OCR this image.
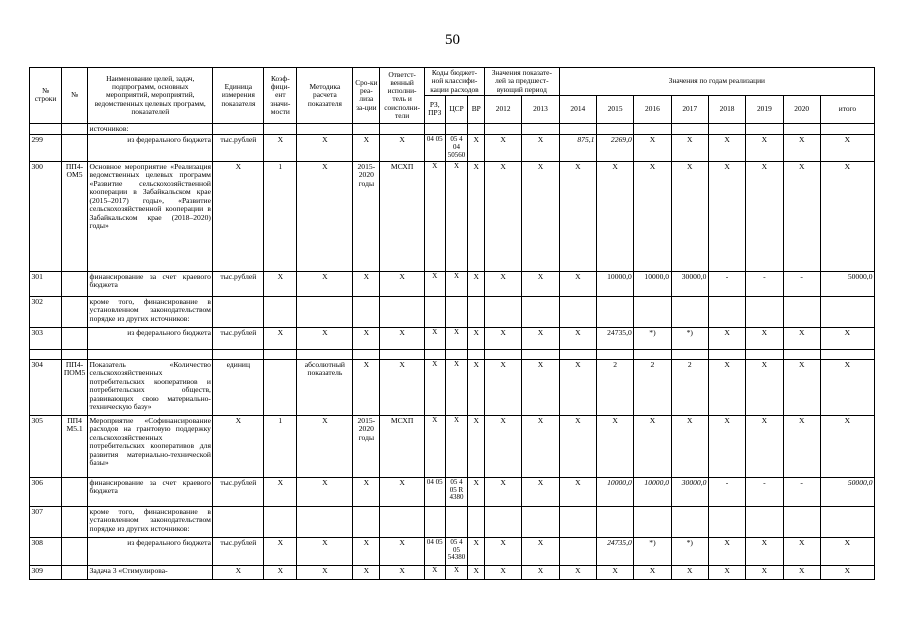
50
№ строки	№	Наименование целей, задач, подпрограмм, основных мероприятий, мероприятий, ведомственных целевых программ, показателей	Единица измерения показателя	Коэф-фици-ент значи-мости	Методика расчета показателя	Сро-ки реа-лиза за-ции	Ответст-венный исполни-тель и соисполни-тели	Коды бюджет-ной классифи-кации расходов			Значения показате-лей за предшест-вующий период		Значения по годам реализации							
								РЗ, ПРЗ	ЦСР	ВР	2012	2013	2014	2015	2016	2017	2018	2019	2020	итого
		источников:																		
299		из федерального бюджета	тыс.рублей	X	X	X	X	04 05	05 4 04 50560	X	X	X	875,1	2269,0	X	X	X	X	X	X
300	ПП4-ОМ5	Основное мероприятие «Реализация ведомственных целевых программ «Развитие сельскохозяйственной кооперации в Забайкальском крае (2015–2017) годы», «Развитие сельскохозяйственной кооперации в Забайкальском крае (2018–2020) годы»	X	1	X	2015-2020 годы	МСХП	X	X	X	X	X	X	X	X	X	X	X	X	X
301		финансирование за счет краевого бюджета	тыс.рублей	X	X	X	X	X	X	X	X	X	X	10000,0	10000,0	30000,0	-	-	-	50000,0
302		кроме того, финансирование в установленном законодательством порядке из других источников:																		
303		из федерального бюджета	тыс.рублей	X	X	X	X	X	X	X	X	X	X	24735,0	*)	*)	X	X	X	X

304	ПП4-ПОМ5	Показатель «Количество сельскохозяйственных потребительских кооперативов и потребительских обществ, развивающих свою материально-техническую базу»	единиц		абсолютный показатель	X	X	X	X	X	X	X	X	2	2	2	X	X	X	X
305	ПП4 М5.1	Мероприятие «Софинансирование расходов на грантовую поддержку сельскохозяйственных потребительских кооперативов для развития материально-технической базы»	X	1	X	2015-2020 годы	МСХП	X	X	X	X	X	X	X	X	X	X	X	X	X
306		финансирование за счет краевого бюджета	тыс.рублей	X	X	X	X	04 05	05 4 05 R 4380	X	X	X	X	10000,0	10000,0	30000,0	-	-	-	50000,0
307		кроме того, финансирование в установленном законодательством порядке из других источников:																		
308		из федерального бюджета	тыс.рублей	X	X	X	X	04 05	05 4 05 54380	X	X	X		24735,0	*)	*)	X	X	X	X
309		Задача 3 «Стимулирова-	X	X	X	X	X	X	X	X	X	X	X	X	X	X	X	X	X	X
